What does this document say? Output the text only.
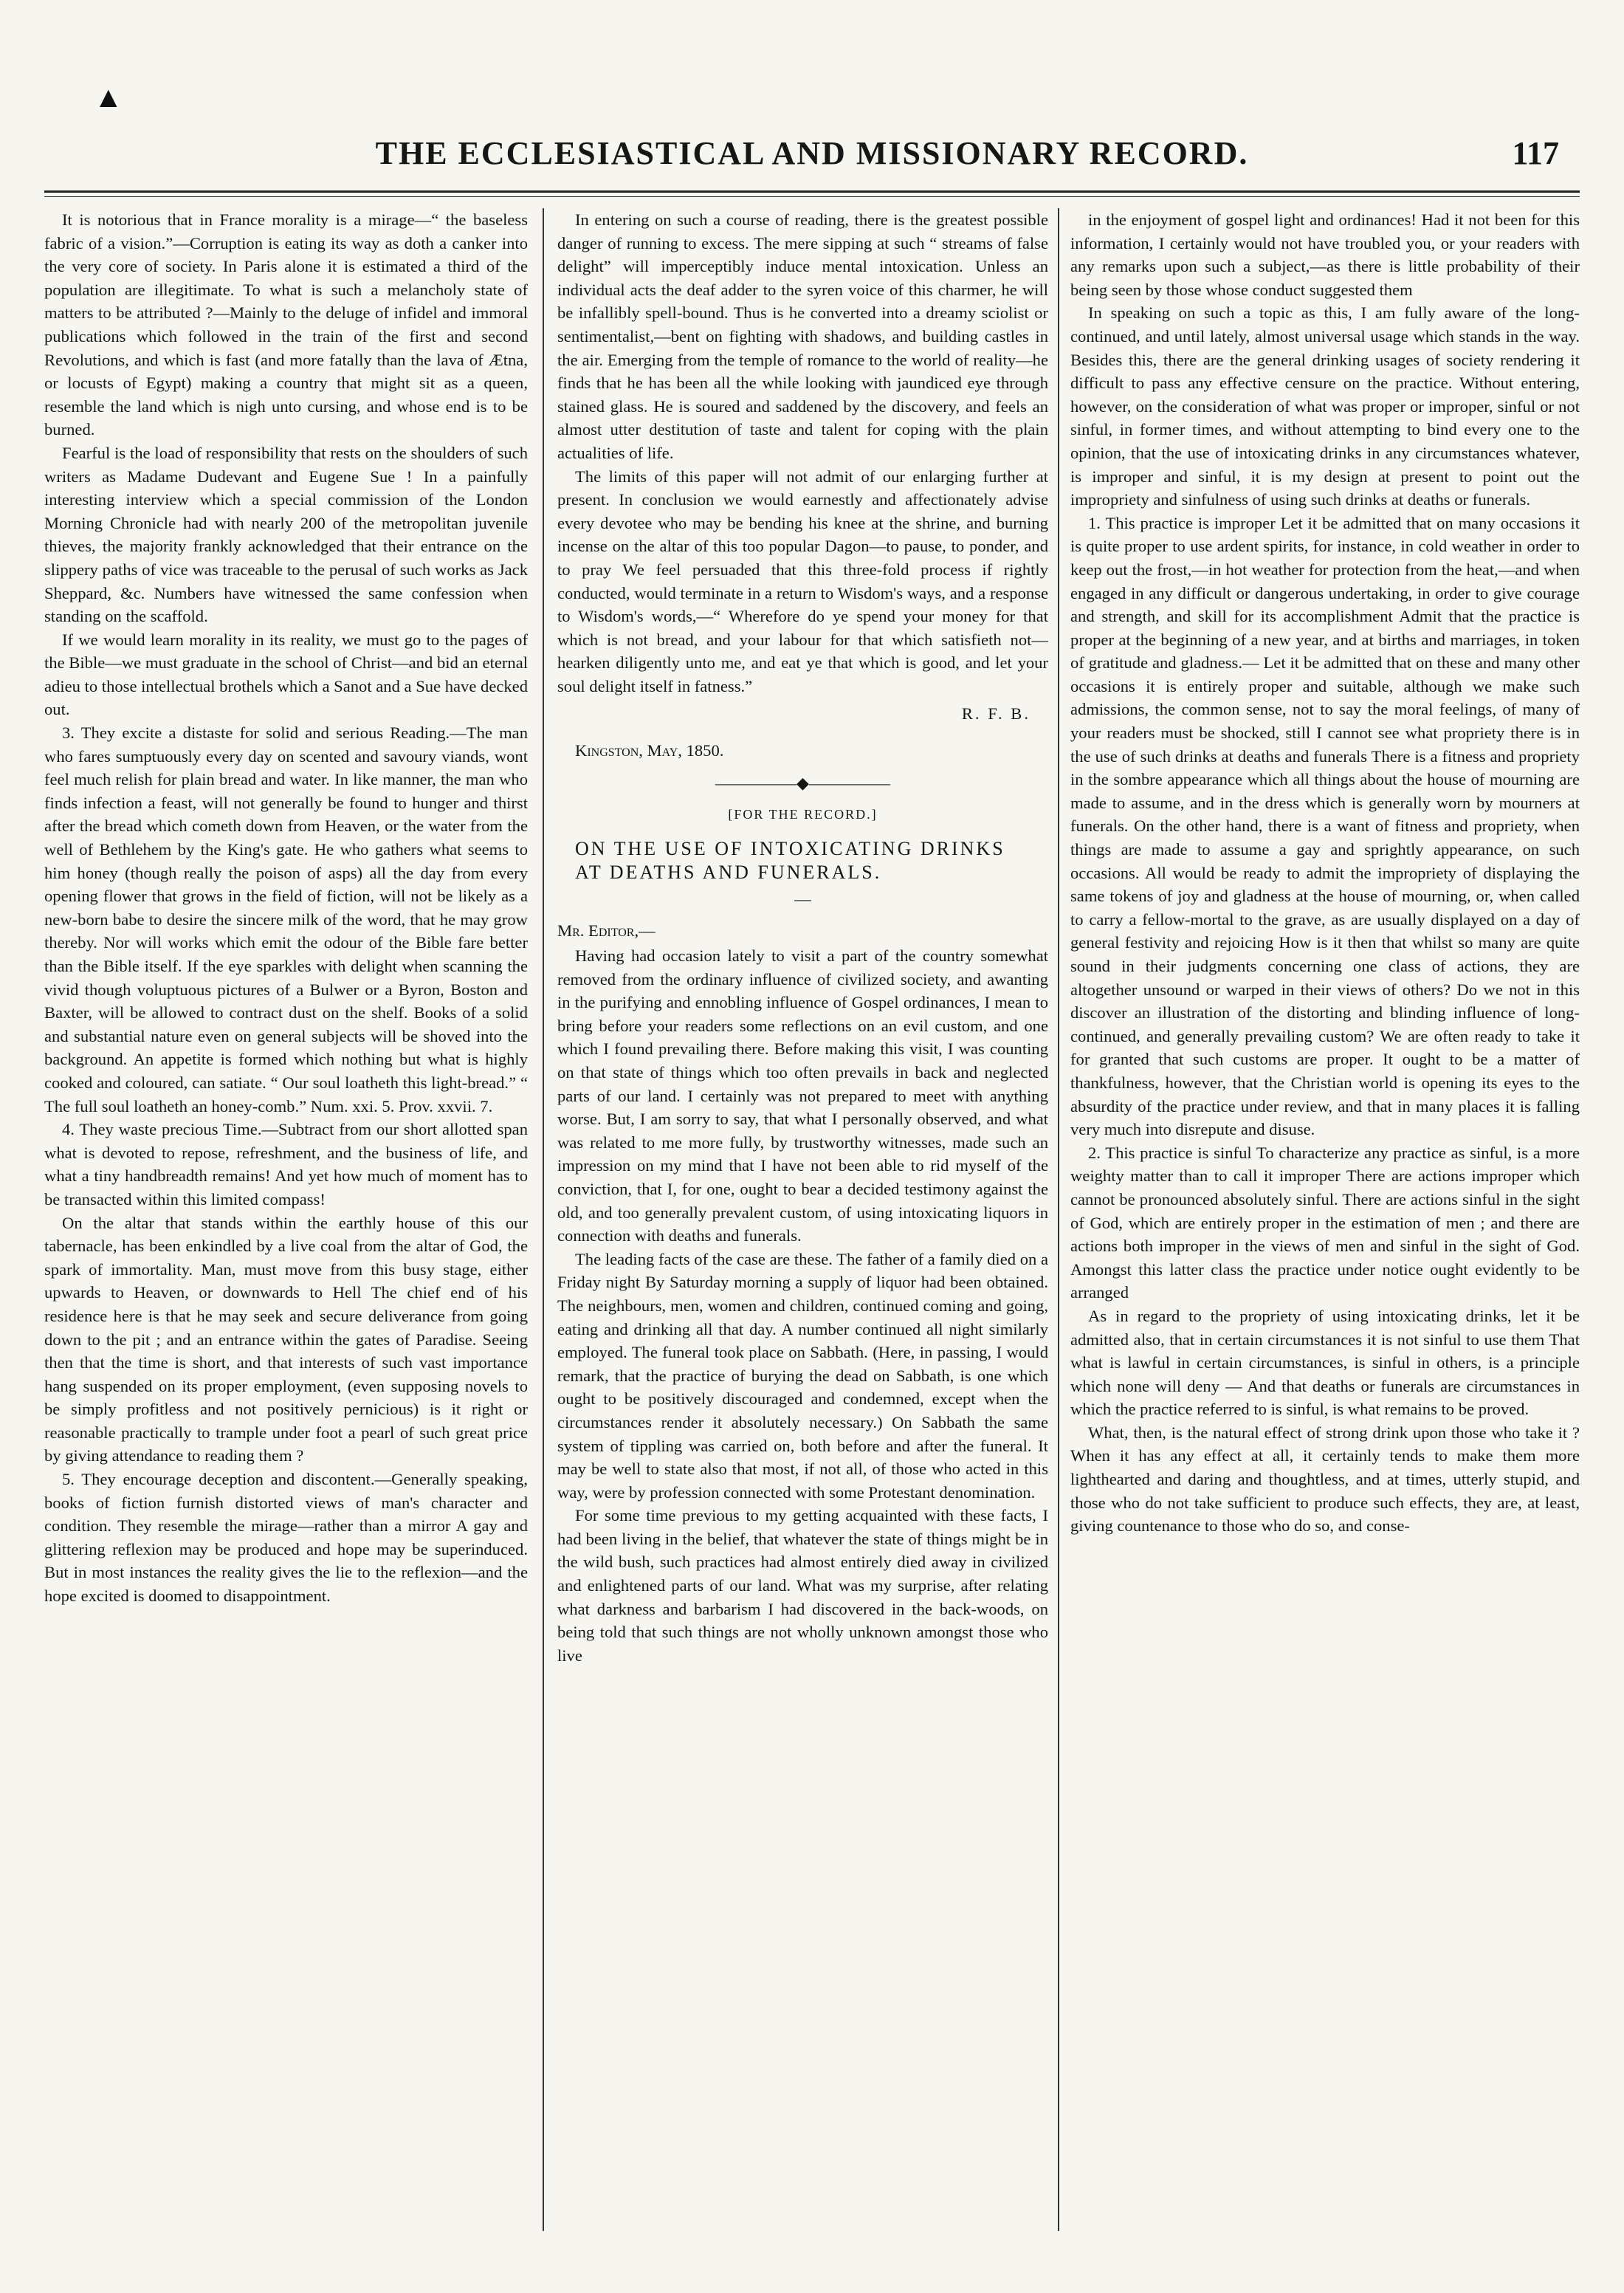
▲
THE ECCLESIASTICAL AND MISSIONARY RECORD.	117

It is notorious that in France morality is a mirage—“ the baseless fabric of a vision.”—Corruption is eating its way as doth a canker into the very core of society. In Paris alone it is estimated a third of the population are illegitimate. To what is such a melancholy state of matters to be attributed ?—Mainly to the deluge of infidel and immoral publications which followed in the train of the first and second Revolutions, and which is fast (and more fatally than the lava of Ætna, or locusts of Egypt) making a country that might sit as a queen, resemble the land which is nigh unto cursing, and whose end is to be burned.

Fearful is the load of responsibility that rests on the shoulders of such writers as Madame Dudevant and Eugene Sue ! In a painfully interesting interview which a special commission of the London Morning Chronicle had with nearly 200 of the metropolitan juvenile thieves, the majority frankly acknowledged that their entrance on the slippery paths of vice was traceable to the perusal of such works as Jack Sheppard, &c. Numbers have witnessed the same confession when standing on the scaffold.

If we would learn morality in its reality, we must go to the pages of the Bible—we must graduate in the school of Christ—and bid an eternal adieu to those intellectual brothels which a Sanot and a Sue have decked out.

3. They excite a distaste for solid and serious Reading.—The man who fares sumptuously every day on scented and savoury viands, wont feel much relish for plain bread and water. In like manner, the man who finds infection a feast, will not generally be found to hunger and thirst after the bread which cometh down from Heaven, or the water from the well of Bethlehem by the King's gate. He who gathers what seems to him honey (though really the poison of asps) all the day from every opening flower that grows in the field of fiction, will not be likely as a new-born babe to desire the sincere milk of the word, that he may grow thereby. Nor will works which emit the odour of the Bible fare better than the Bible itself. If the eye sparkles with delight when scanning the vivid though voluptuous pictures of a Bulwer or a Byron, Boston and Baxter, will be allowed to contract dust on the shelf. Books of a solid and substantial nature even on general subjects will be shoved into the background. An appetite is formed which nothing but what is highly cooked and coloured, can satiate. “ Our soul loatheth this light-bread.” “ The full soul loatheth an honey-comb.” Num. xxi. 5. Prov. xxvii. 7.

4. They waste precious Time.—Subtract from our short allotted span what is devoted to repose, refreshment, and the business of life, and what a tiny handbreadth remains! And yet how much of moment has to be transacted within this limited compass!

On the altar that stands within the earthly house of this our tabernacle, has been enkindled by a live coal from the altar of God, the spark of immortality. Man, must move from this busy stage, either upwards to Heaven, or downwards to Hell The chief end of his residence here is that he may seek and secure deliverance from going down to the pit ; and an entrance within the gates of Paradise. Seeing then that the time is short, and that interests of such vast importance hang suspended on its proper employment, (even supposing novels to be simply profitless and not positively pernicious) is it right or reasonable practically to trample under foot a pearl of such great price by giving attendance to reading them ?

5. They encourage deception and discontent.—Generally speaking, books of fiction furnish distorted views of man's character and condition. They resemble the mirage—rather than a mirror A gay and glittering reflexion may be produced and hope may be superinduced. But in most instances the reality gives the lie to the reflexion—and the hope excited is doomed to disappointment.

In entering on such a course of reading, there is the greatest possible danger of running to excess. The mere sipping at such “ streams of false delight” will imperceptibly induce mental intoxication. Unless an individual acts the deaf adder to the syren voice of this charmer, he will be infallibly spell-bound. Thus is he converted into a dreamy sciolist or sentimentalist,—bent on fighting with shadows, and building castles in the air. Emerging from the temple of romance to the world of reality—he finds that he has been all the while looking with jaundiced eye through stained glass. He is soured and saddened by the discovery, and feels an almost utter destitution of taste and talent for coping with the plain actualities of life.

The limits of this paper will not admit of our enlarging further at present. In conclusion we would earnestly and affectionately advise every devotee who may be bending his knee at the shrine, and burning incense on the altar of this too popular Dagon—to pause, to ponder, and to pray We feel persuaded that this three-fold process if rightly conducted, would terminate in a return to Wisdom's ways, and a response to Wisdom's words,—“ Wherefore do ye spend your money for that which is not bread, and your labour for that which satisfieth not—hearken diligently unto me, and eat ye that which is good, and let your soul delight itself in fatness.”

R. F. B.
Kingston, May, 1850.
—————◆—————
[FOR THE RECORD.]
ON THE USE OF INTOXICATING DRINKS AT DEATHS AND FUNERALS.
—
Mr. Editor,—

Having had occasion lately to visit a part of the country somewhat removed from the ordinary influence of civilized society, and awanting in the purifying and ennobling influence of Gospel ordinances, I mean to bring before your readers some reflections on an evil custom, and one which I found prevailing there. Before making this visit, I was counting on that state of things which too often prevails in back and neglected parts of our land. I certainly was not prepared to meet with anything worse. But, I am sorry to say, that what I personally observed, and what was related to me more fully, by trustworthy witnesses, made such an impression on my mind that I have not been able to rid myself of the conviction, that I, for one, ought to bear a decided testimony against the old, and too generally prevalent custom, of using intoxicating liquors in connection with deaths and funerals.

The leading facts of the case are these. The father of a family died on a Friday night By Saturday morning a supply of liquor had been obtained. The neighbours, men, women and children, continued coming and going, eating and drinking all that day. A number continued all night similarly employed. The funeral took place on Sabbath. (Here, in passing, I would remark, that the practice of burying the dead on Sabbath, is one which ought to be positively discouraged and condemned, except when the circumstances render it absolutely necessary.) On Sabbath the same system of tippling was carried on, both before and after the funeral. It may be well to state also that most, if not all, of those who acted in this way, were by profession connected with some Protestant denomination.

For some time previous to my getting acquainted with these facts, I had been living in the belief, that whatever the state of things might be in the wild bush, such practices had almost entirely died away in civilized and enlightened parts of our land. What was my surprise, after relating what darkness and barbarism I had discovered in the back-woods, on being told that such things are not wholly unknown amongst those who live

in the enjoyment of gospel light and ordinances! Had it not been for this information, I certainly would not have troubled you, or your readers with any remarks upon such a subject,—as there is little probability of their being seen by those whose conduct suggested them

In speaking on such a topic as this, I am fully aware of the long-continued, and until lately, almost universal usage which stands in the way. Besides this, there are the general drinking usages of society rendering it difficult to pass any effective censure on the practice. Without entering, however, on the consideration of what was proper or improper, sinful or not sinful, in former times, and without attempting to bind every one to the opinion, that the use of intoxicating drinks in any circumstances whatever, is improper and sinful, it is my design at present to point out the impropriety and sinfulness of using such drinks at deaths or funerals.

1. This practice is improper Let it be admitted that on many occasions it is quite proper to use ardent spirits, for instance, in cold weather in order to keep out the frost,—in hot weather for protection from the heat,—and when engaged in any difficult or dangerous undertaking, in order to give courage and strength, and skill for its accomplishment Admit that the practice is proper at the beginning of a new year, and at births and marriages, in token of gratitude and gladness.— Let it be admitted that on these and many other occasions it is entirely proper and suitable, although we make such admissions, the common sense, not to say the moral feelings, of many of your readers must be shocked, still I cannot see what propriety there is in the use of such drinks at deaths and funerals There is a fitness and propriety in the sombre appearance which all things about the house of mourning are made to assume, and in the dress which is generally worn by mourners at funerals. On the other hand, there is a want of fitness and propriety, when things are made to assume a gay and sprightly appearance, on such occasions. All would be ready to admit the impropriety of displaying the same tokens of joy and gladness at the house of mourning, or, when called to carry a fellow-mortal to the grave, as are usually displayed on a day of general festivity and rejoicing How is it then that whilst so many are quite sound in their judgments concerning one class of actions, they are altogether unsound or warped in their views of others? Do we not in this discover an illustration of the distorting and blinding influence of long-continued, and generally prevailing custom? We are often ready to take it for granted that such customs are proper. It ought to be a matter of thankfulness, however, that the Christian world is opening its eyes to the absurdity of the practice under review, and that in many places it is falling very much into disrepute and disuse.

2. This practice is sinful To characterize any practice as sinful, is a more weighty matter than to call it improper There are actions improper which cannot be pronounced absolutely sinful. There are actions sinful in the sight of God, which are entirely proper in the estimation of men ; and there are actions both improper in the views of men and sinful in the sight of God. Amongst this latter class the practice under notice ought evidently to be arranged

As in regard to the propriety of using intoxicating drinks, let it be admitted also, that in certain circumstances it is not sinful to use them That what is lawful in certain circumstances, is sinful in others, is a principle which none will deny — And that deaths or funerals are circumstances in which the practice referred to is sinful, is what remains to be proved.

What, then, is the natural effect of strong drink upon those who take it ? When it has any effect at all, it certainly tends to make them more lighthearted and daring and thoughtless, and at times, utterly stupid, and those who do not take sufficient to produce such effects, they are, at least, giving countenance to those who do so, and conse-
